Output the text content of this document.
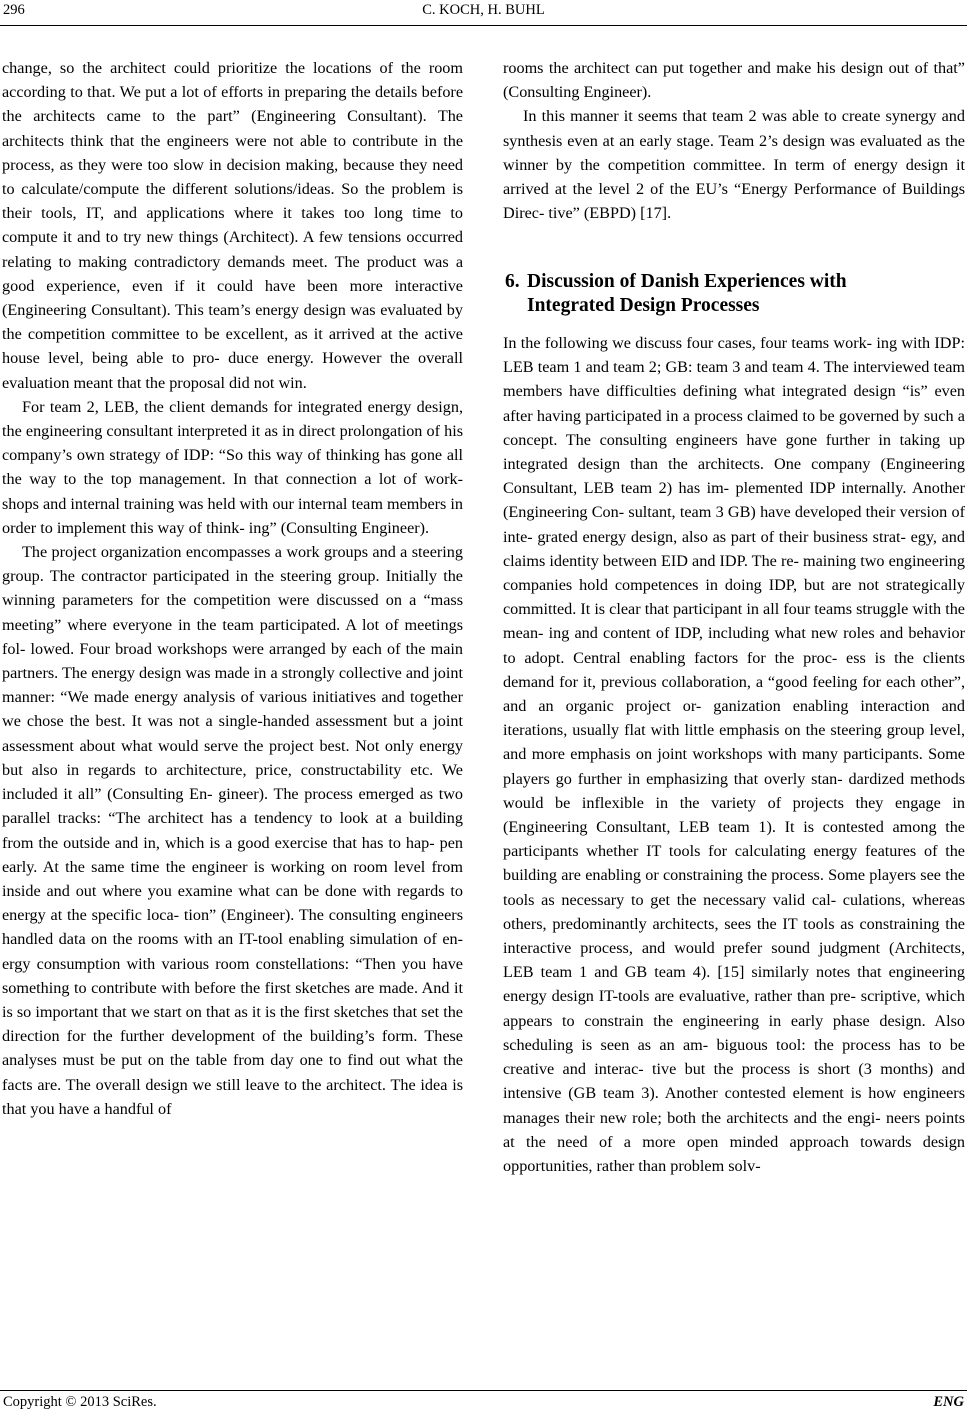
296	C. KOCH, H. BUHL

change, so the architect could prioritize the locations of the room according to that. We put a lot of efforts in preparing the details before the architects came to the part” (Engineering Consultant). The architects think that the engineers were not able to contribute in the process, as they were too slow in decision making, because they need to calculate/compute the different solutions/ideas. So the problem is their tools, IT, and applications where it takes too long time to compute it and to try new things (Architect). A few tensions occurred relating to making contradictory demands meet. The product was a good experience, even if it could have been more interactive (Engineering Consultant). This team’s energy design was evaluated by the competition committee to be excellent, as it arrived at the active house level, being able to pro- duce energy. However the overall evaluation meant that the proposal did not win.

For team 2, LEB, the client demands for integrated energy design, the engineering consultant interpreted it as in direct prolongation of his company’s own strategy of IDP: “So this way of thinking has gone all the way to the top management. In that connection a lot of work- shops and internal training was held with our internal team members in order to implement this way of think- ing” (Consulting Engineer).

The project organization encompasses a work groups and a steering group. The contractor participated in the steering group. Initially the winning parameters for the competition were discussed on a “mass meeting” where everyone in the team participated. A lot of meetings fol- lowed. Four broad workshops were arranged by each of the main partners. The energy design was made in a strongly collective and joint manner: “We made energy analysis of various initiatives and together we chose the best. It was not a single-handed assessment but a joint assessment about what would serve the project best. Not only energy but also in regards to architecture, price, constructability etc. We included it all” (Consulting En- gineer). The process emerged as two parallel tracks: “The architect has a tendency to look at a building from the outside and in, which is a good exercise that has to hap- pen early. At the same time the engineer is working on room level from inside and out where you examine what can be done with regards to energy at the specific loca- tion” (Engineer). The consulting engineers handled data on the rooms with an IT-tool enabling simulation of en- ergy consumption with various room constellations: “Then you have something to contribute with before the first sketches are made. And it is so important that we start on that as it is the first sketches that set the direction for the further development of the building’s form. These analyses must be put on the table from day one to find out what the facts are. The overall design we still leave to the architect. The idea is that you have a handful of

rooms the architect can put together and make his design out of that” (Consulting Engineer).

In this manner it seems that team 2 was able to create synergy and synthesis even at an early stage. Team 2’s design was evaluated as the winner by the competition committee. In term of energy design it arrived at the level 2 of the EU’s “Energy Performance of Buildings Direc- tive” (EBPD) [17].

6. Discussion of Danish Experiences with
Integrated Design Processes

In the following we discuss four cases, four teams work- ing with IDP: LEB team 1 and team 2; GB: team 3 and team 4. The interviewed team members have difficulties defining what integrated design “is” even after having participated in a process claimed to be governed by such a concept. The consulting engineers have gone further in taking up integrated design than the architects. One company (Engineering Consultant, LEB team 2) has im- plemented IDP internally. Another (Engineering Con- sultant, team 3 GB) have developed their version of inte- grated energy design, also as part of their business strat- egy, and claims identity between EID and IDP. The re- maining two engineering companies hold competences in doing IDP, but are not strategically committed. It is clear that participant in all four teams struggle with the mean- ing and content of IDP, including what new roles and behavior to adopt. Central enabling factors for the proc- ess is the clients demand for it, previous collaboration, a “good feeling for each other”, and an organic project or- ganization enabling interaction and iterations, usually flat with little emphasis on the steering group level, and more emphasis on joint workshops with many participants. Some players go further in emphasizing that overly stan- dardized methods would be inflexible in the variety of projects they engage in (Engineering Consultant, LEB team 1). It is contested among the participants whether IT tools for calculating energy features of the building are enabling or constraining the process. Some players see the tools as necessary to get the necessary valid cal- culations, whereas others, predominantly architects, sees the IT tools as constraining the interactive process, and would prefer sound judgment (Architects, LEB team 1 and GB team 4). [15] similarly notes that engineering energy design IT-tools are evaluative, rather than pre- scriptive, which appears to constrain the engineering in early phase design. Also scheduling is seen as an am- biguous tool: the process has to be creative and interac- tive but the process is short (3 months) and intensive (GB team 3). Another contested element is how engineers manages their new role; both the architects and the engi- neers points at the need of a more open minded approach towards design opportunities, rather than problem solv-

Copyright © 2013 SciRes.	ENG
